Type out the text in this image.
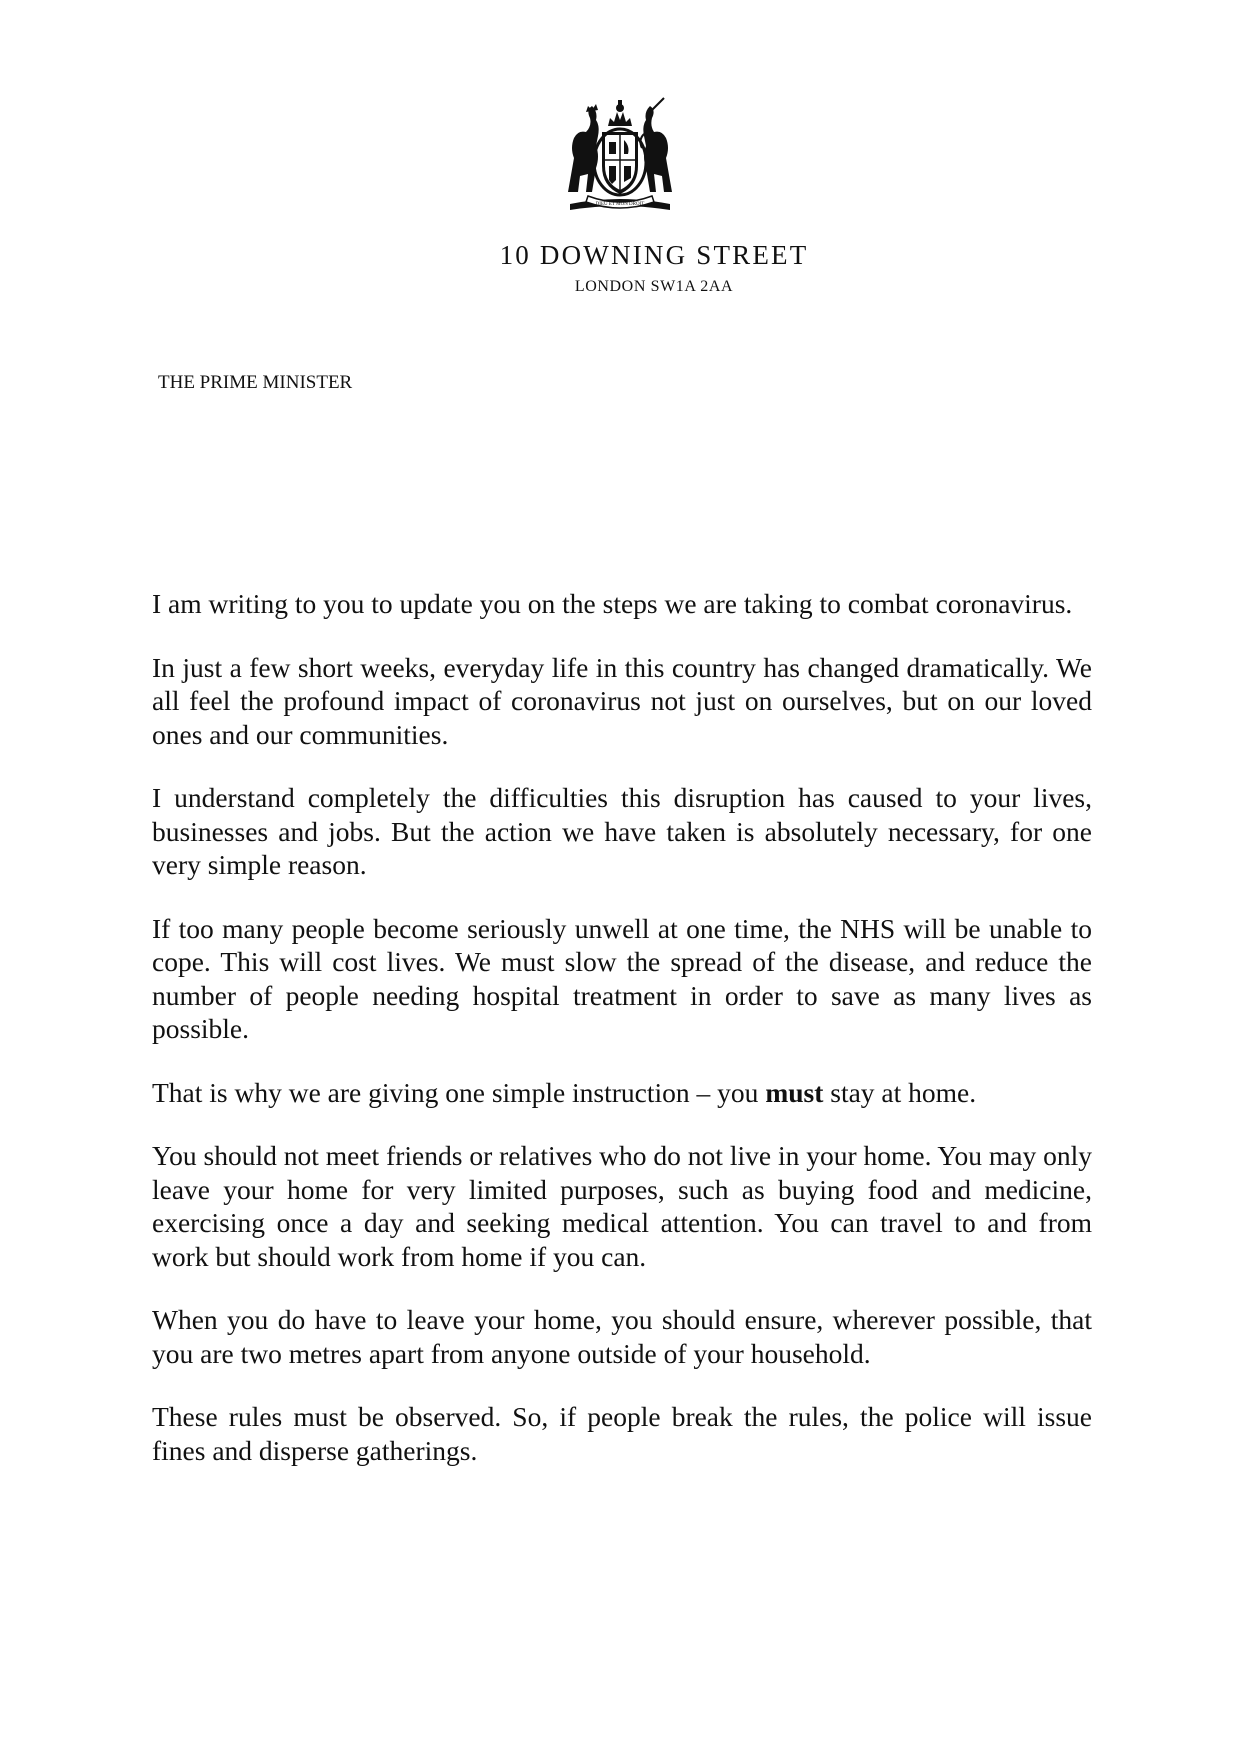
DIEU ET MON DROIT
10 DOWNING STREET
LONDON SW1A 2AA
THE PRIME MINISTER

I am writing to you to update you on the steps we are taking to combat coronavirus.

In just a few short weeks, everyday life in this country has changed dramatically. We all feel the profound impact of coronavirus not just on ourselves, but on our loved ones and our communities.

I understand completely the difficulties this disruption has caused to your lives, businesses and jobs. But the action we have taken is absolutely necessary, for one very simple reason.

If too many people become seriously unwell at one time, the NHS will be unable to cope. This will cost lives. We must slow the spread of the disease, and reduce the number of people needing hospital treatment in order to save as many lives as possible.

That is why we are giving one simple instruction – you must stay at home.

You should not meet friends or relatives who do not live in your home. You may only leave your home for very limited purposes, such as buying food and medicine, exercising once a day and seeking medical attention. You can travel to and from work but should work from home if you can.

When you do have to leave your home, you should ensure, wherever possible, that you are two metres apart from anyone outside of your household.

These rules must be observed. So, if people break the rules, the police will issue fines and disperse gatherings.
